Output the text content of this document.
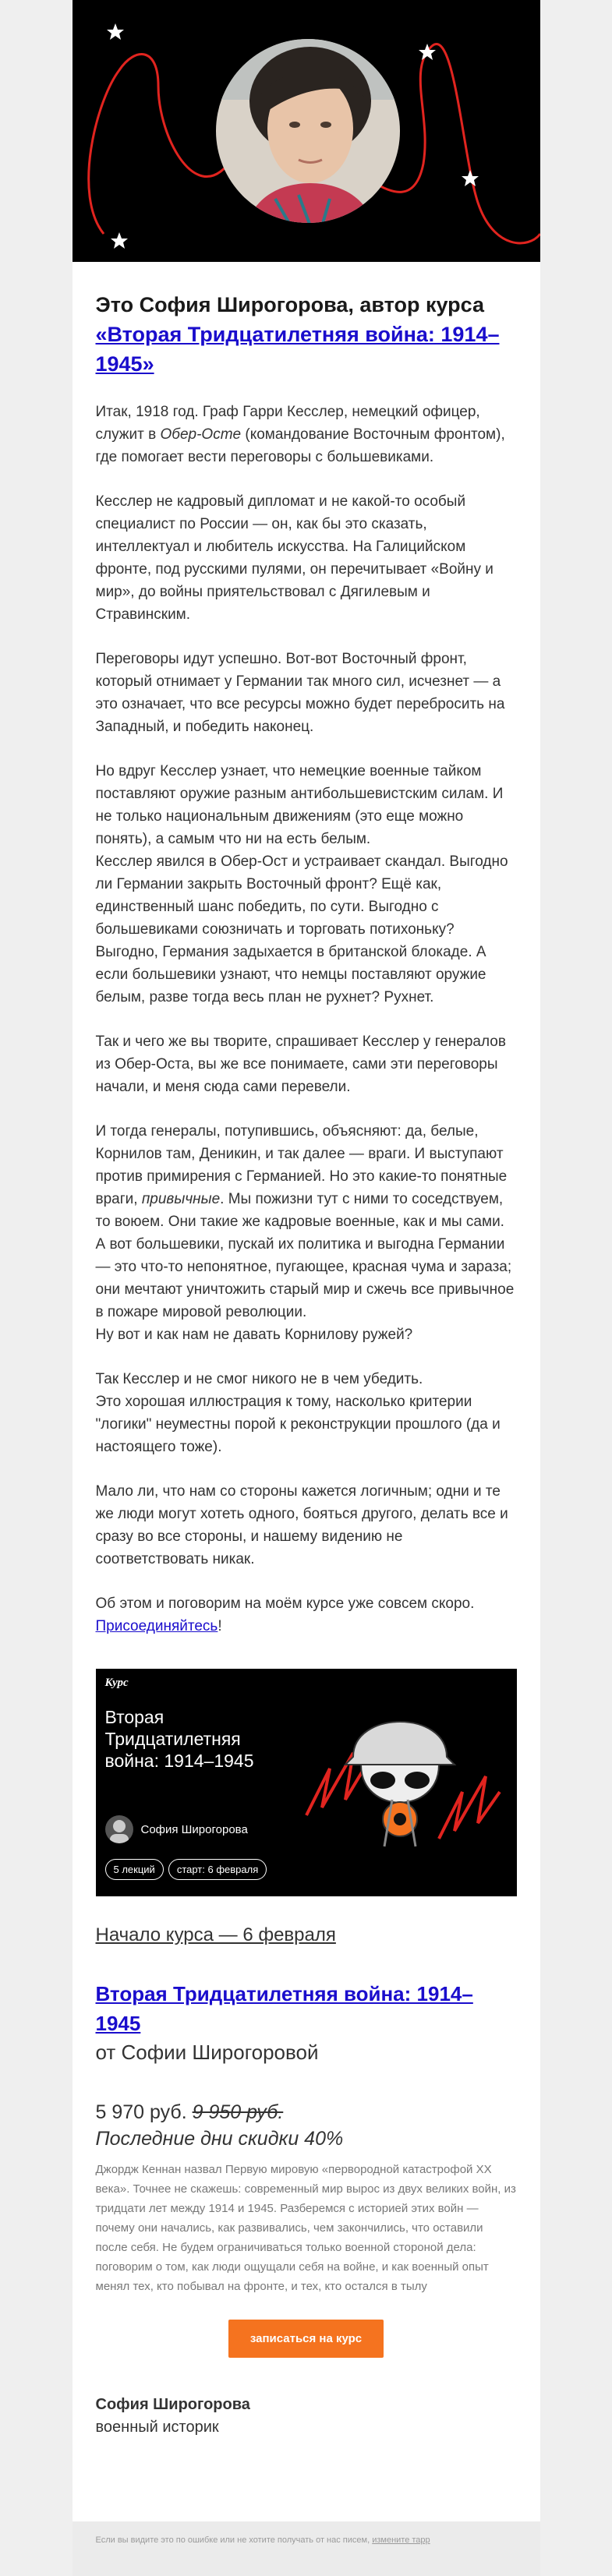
Это София Широгорова, автор курса «Вторая Тридцатилетняя война: 1914–1945»

Итак, 1918 год. Граф Гарри Кесслер, немецкий офицер, служит в Обер-Осте (командование Восточным фронтом), где помогает вести переговоры с большевиками.

Кесслер не кадровый дипломат и не какой-то особый специалист по России — он, как бы это сказать, интеллектуал и любитель искусства. На Галицийском фронте, под русскими пулями, он перечитывает «Войну и мир», до войны приятельствовал с Дягилевым и Стравинским.

Переговоры идут успешно. Вот-вот Восточный фронт, который отнимает у Германии так много сил, исчезнет — а это означает, что все ресурсы можно будет перебросить на Западный, и победить наконец.

Но вдруг Кесслер узнает, что немецкие военные тайком поставляют оружие разным антибольшевистским силам. И не только национальным движениям (это еще можно понять), а самым что ни на есть белым.
Кесслер явился в Обер-Ост и устраивает скандал. Выгодно ли Германии закрыть Восточный фронт? Ещё как, единственный шанс победить, по сути. Выгодно с большевиками союзничать и торговать потихоньку? Выгодно, Германия задыхается в британской блокаде. А если большевики узнают, что немцы поставляют оружие белым, разве тогда весь план не рухнет? Рухнет.

Так и чего же вы творите, спрашивает Кесслер у генералов из Обер-Оста, вы же все понимаете, сами эти переговоры начали, и меня сюда сами перевели.

И тогда генералы, потупившись, объясняют: да, белые, Корнилов там, Деникин, и так далее — враги. И выступают против примирения с Германией. Но это какие-то понятные враги, привычные. Мы пожизни тут с ними то соседствуем, то воюем. Они такие же кадровые военные, как и мы сами.
А вот большевики, пускай их политика и выгодна Германии — это что-то непонятное, пугающее, красная чума и зараза; они мечтают уничтожить старый мир и сжечь все привычное в пожаре мировой революции.
Ну вот и как нам не давать Корнилову ружей?

Так Кесслер и не смог никого не в чем убедить.
Это хорошая иллюстрация к тому, насколько критерии "логики" неуместны порой к реконструкции прошлого (да и настоящего тоже).

Мало ли, что нам со стороны кажется логичным; одни и те же люди могут хотеть одного, бояться другого, делать все и сразу во все стороны, и нашему видению не соответствовать никак.

Об этом и поговорим на моём курсе уже совсем скоро.
Присоединяйтесь!

Курс
Вторая Тридцатилетняя война: 1914–1945
София Широгорова
5 лекций	старт: 6 февраля
Начало курса — 6 февраля
Вторая Тридцатилетняя война: 1914–1945
от Софии Широгоровой
5 970 руб. 9 950 руб.
Последние дни скидки 40%
Джордж Кеннан назвал Первую мировую «первородной катастрофой XX века». Точнее не скажешь: современный мир вырос из двух великих войн, из тридцати лет между 1914 и 1945. Разберемся с историей этих войн — почему они начались, как развивались, чем закончились, что оставили после себя. Не будем ограничиваться только военной стороной дела: поговорим о том, как люди ощущали себя на войне, и как военный опыт менял тех, кто побывал на фронте, и тех, кто остался в тылу
записаться на курс
София Широгорова
военный историк
Если вы видите это по ошибке или не хотите получать от нас писем, измените тарр
